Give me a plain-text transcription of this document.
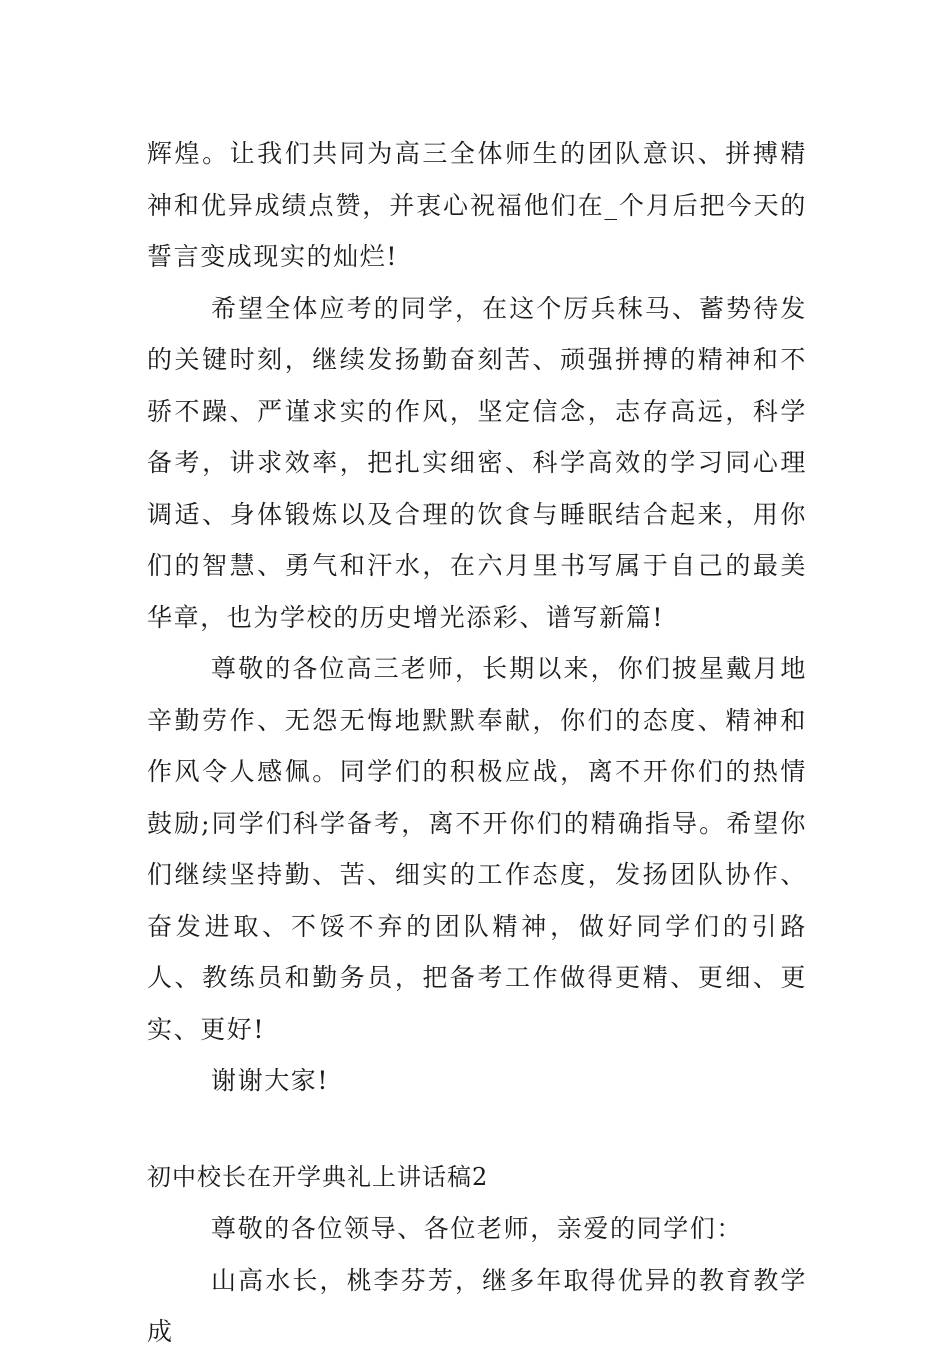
辉煌。让我们共同为高三全体师生的团队意识、拼搏精神和优异成绩点赞，并衷心祝福他们在_个月后把今天的誓言变成现实的灿烂!

希望全体应考的同学，在这个厉兵秣马、蓄势待发的关键时刻，继续发扬勤奋刻苦、顽强拼搏的精神和不骄不躁、严谨求实的作风，坚定信念，志存高远，科学备考，讲求效率，把扎实细密、科学高效的学习同心理调适、身体锻炼以及合理的饮食与睡眠结合起来，用你们的智慧、勇气和汗水，在六月里书写属于自己的最美华章，也为学校的历史增光添彩、谱写新篇!

尊敬的各位高三老师，长期以来，你们披星戴月地辛勤劳作、无怨无悔地默默奉献，你们的态度、精神和作风令人感佩。同学们的积极应战，离不开你们的热情鼓励;同学们科学备考，离不开你们的精确指导。希望你们继续坚持勤、苦、细实的工作态度，发扬团队协作、奋发进取、不馁不弃的团队精神，做好同学们的引路人、教练员和勤务员，把备考工作做得更精、更细、更实、更好!

谢谢大家!

初中校长在开学典礼上讲话稿2

尊敬的各位领导、各位老师，亲爱的同学们：

山高水长，桃李芬芳，继多年取得优异的教育教学成
